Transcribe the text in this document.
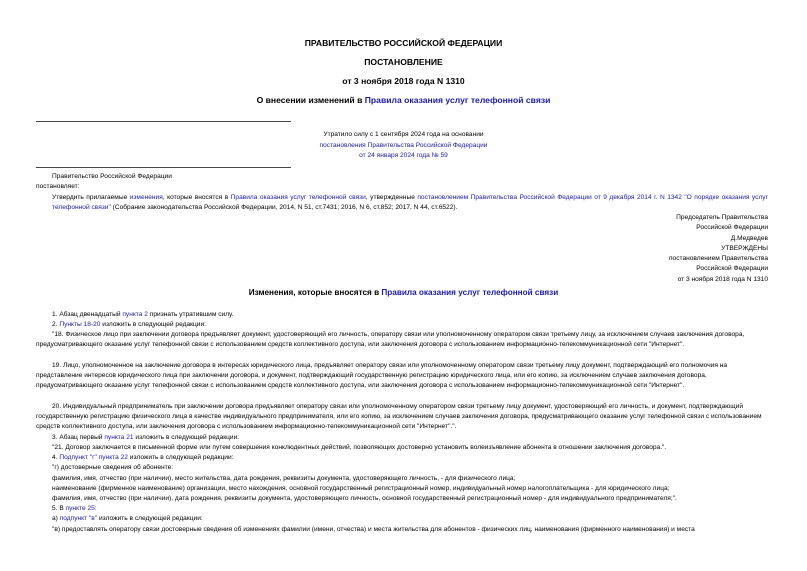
ПРАВИТЕЛЬСТВО РОССИЙСКОЙ ФЕДЕРАЦИИ
ПОСТАНОВЛЕНИЕ
от 3 ноября 2018 года N 1310
О внесении изменений в Правила оказания услуг телефонной связи
Утратило силу с 1 сентября 2024 года на основании
постановления Правительства Российской Федерации
от 24 января 2024 года № 59
Правительство Российской Федерации
постановляет:
Утвердить прилагаемые изменения, которые вносятся в Правила оказания услуг телефонной связи, утвержденные постановлением Правительства Российской Федерации от 9 декабря 2014 г. N 1342 "О порядке оказания услуг телефонной связи" (Собрание законодательства Российской Федерации, 2014, N 51, ст.7431; 2016, N 6, ст.852; 2017, N 44, ст.6522).
Председатель Правительства
Российской Федерации
Д.Медведев
УТВЕРЖДЕНЫ
постановлением Правительства
Российской Федерации
от 3 ноября 2018 года N 1310
Изменения, которые вносятся в Правила оказания услуг телефонной связи
1. Абзац двенадцатый пункта 2 признать утратившим силу.
2. Пункты 18-20 изложить в следующей редакции:
"18. Физическое лицо при заключении договора предъявляет документ, удостоверяющий его личность, оператору связи или уполномоченному оператором связи третьему лицу, за исключением случаев заключения договора, предусматривающего оказание услуг телефонной связи с использованием средств коллективного доступа, или заключения договора с использованием информационно-телекоммуникационной сети "Интернет".
19. Лицо, уполномоченное на заключение договора в интересах юридического лица, предъявляет оператору связи или уполномоченному оператором связи третьему лицу документ, подтверждающий его полномочия на представление интересов юридического лица при заключении договора, и документ, подтверждающий государственную регистрацию юридического лица, или его копию, за исключением случаев заключения договора, предусматривающего оказание услуг телефонной связи с использованием средств коллективного доступа, или заключения договора с использованием информационно-телекоммуникационной сети "Интернет".
20. Индивидуальный предприниматель при заключении договора предъявляет оператору связи или уполномоченному оператором связи третьему лицу документ, удостоверяющий его личность, и документ, подтверждающий государственную регистрацию физического лица в качестве индивидуального предпринимателя, или его копию, за исключением случаев заключения договора, предусматривающего оказание услуг телефонной связи с использованием средств коллективного доступа, или заключения договора с использованием информационно-телекоммуникационной сети "Интернет".".
3. Абзац первый пункта 21 изложить в следующей редакции:
"21. Договор заключается в письменной форме или путем совершения конклюдентных действий, позволяющих достоверно установить волеизъявление абонента в отношении заключения договора.".
4. Подпункт "г" пункта 22 изложить в следующей редакции:
"г) достоверные сведения об абоненте:
фамилия, имя, отчество (при наличии), место жительства, дата рождения, реквизиты документа, удостоверяющего личность, - для физического лица;
наименование (фирменное наименование) организации, место нахождения, основной государственный регистрационный номер, индивидуальный номер налогоплательщика - для юридического лица;
фамилия, имя, отчество (при наличии), дата рождения, реквизиты документа, удостоверяющего личность, основной государственный регистрационный номер - для индивидуального предпринимателя;".
5. В пункте 25:
а) подпункт "в" изложить в следующей редакции:
"в) предоставлять оператору связи достоверные сведения об изменениях фамилии (имени, отчества) и места жительства для абонентов - физических лиц, наименования (фирменного наименования) и места
